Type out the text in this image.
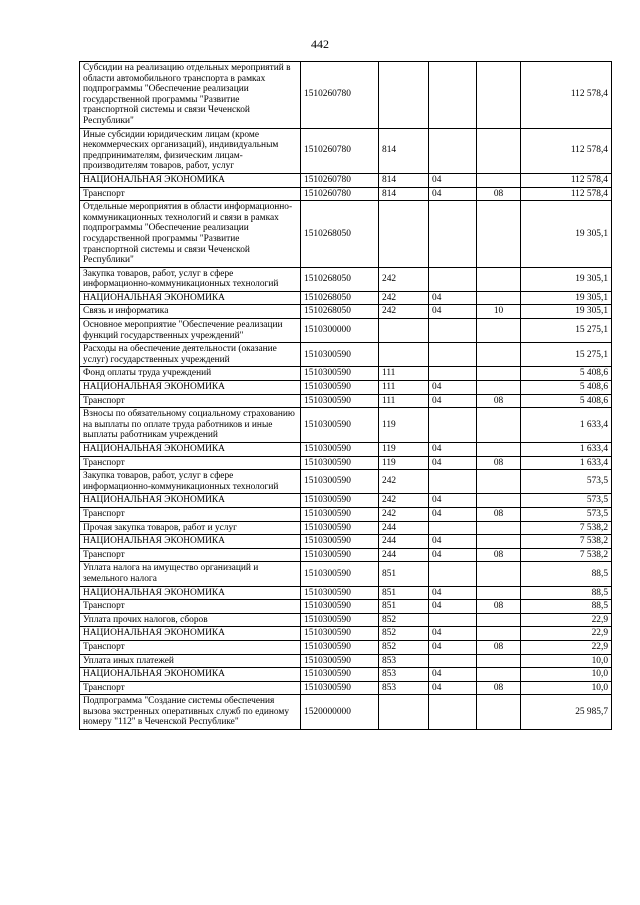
442
Субсидии на реализацию отдельных мероприятий в области автомобильного транспорта в рамках подпрограммы "Обеспечение реализации государственной программы "Развитие транспортной системы и связи Чеченской Республики"	1510260780				112 578,4
Иные субсидии юридическим лицам (кроме некоммерческих организаций), индивидуальным предпринимателям, физическим лицам-производителям товаров, работ, услуг	1510260780	814			112 578,4
НАЦИОНАЛЬНАЯ ЭКОНОМИКА	1510260780	814	04		112 578,4
Транспорт	1510260780	814	04	08	112 578,4
Отдельные мероприятия в области информационно-коммуникационных технологий и связи в рамках подпрограммы "Обеспечение реализации государственной программы "Развитие транспортной системы и связи Чеченской Республики"	1510268050				19 305,1
Закупка товаров, работ, услуг в сфере информационно-коммуникационных технологий	1510268050	242			19 305,1
НАЦИОНАЛЬНАЯ ЭКОНОМИКА	1510268050	242	04		19 305,1
Связь и информатика	1510268050	242	04	10	19 305,1
Основное мероприятие "Обеспечение реализации функций государственных учреждений"	1510300000				15 275,1
Расходы на обеспечение деятельности (оказание услуг) государственных учреждений	1510300590				15 275,1
Фонд оплаты труда учреждений	1510300590	111			5 408,6
НАЦИОНАЛЬНАЯ ЭКОНОМИКА	1510300590	111	04		5 408,6
Транспорт	1510300590	111	04	08	5 408,6
Взносы по обязательному социальному страхованию на выплаты по оплате труда работников и иные выплаты работникам учреждений	1510300590	119			1 633,4
НАЦИОНАЛЬНАЯ ЭКОНОМИКА	1510300590	119	04		1 633,4
Транспорт	1510300590	119	04	08	1 633,4
Закупка товаров, работ, услуг в сфере информационно-коммуникационных технологий	1510300590	242			573,5
НАЦИОНАЛЬНАЯ ЭКОНОМИКА	1510300590	242	04		573,5
Транспорт	1510300590	242	04	08	573,5
Прочая закупка товаров, работ и услуг	1510300590	244			7 538,2
НАЦИОНАЛЬНАЯ ЭКОНОМИКА	1510300590	244	04		7 538,2
Транспорт	1510300590	244	04	08	7 538,2
Уплата налога на имущество организаций и земельного налога	1510300590	851			88,5
НАЦИОНАЛЬНАЯ ЭКОНОМИКА	1510300590	851	04		88,5
Транспорт	1510300590	851	04	08	88,5
Уплата прочих налогов, сборов	1510300590	852			22,9
НАЦИОНАЛЬНАЯ ЭКОНОМИКА	1510300590	852	04		22,9
Транспорт	1510300590	852	04	08	22,9
Уплата иных платежей	1510300590	853			10,0
НАЦИОНАЛЬНАЯ ЭКОНОМИКА	1510300590	853	04		10,0
Транспорт	1510300590	853	04	08	10,0
Подпрограмма "Создание системы обеспечения вызова экстренных оперативных служб по единому номеру "112" в Чеченской Республике"	1520000000				25 985,7
